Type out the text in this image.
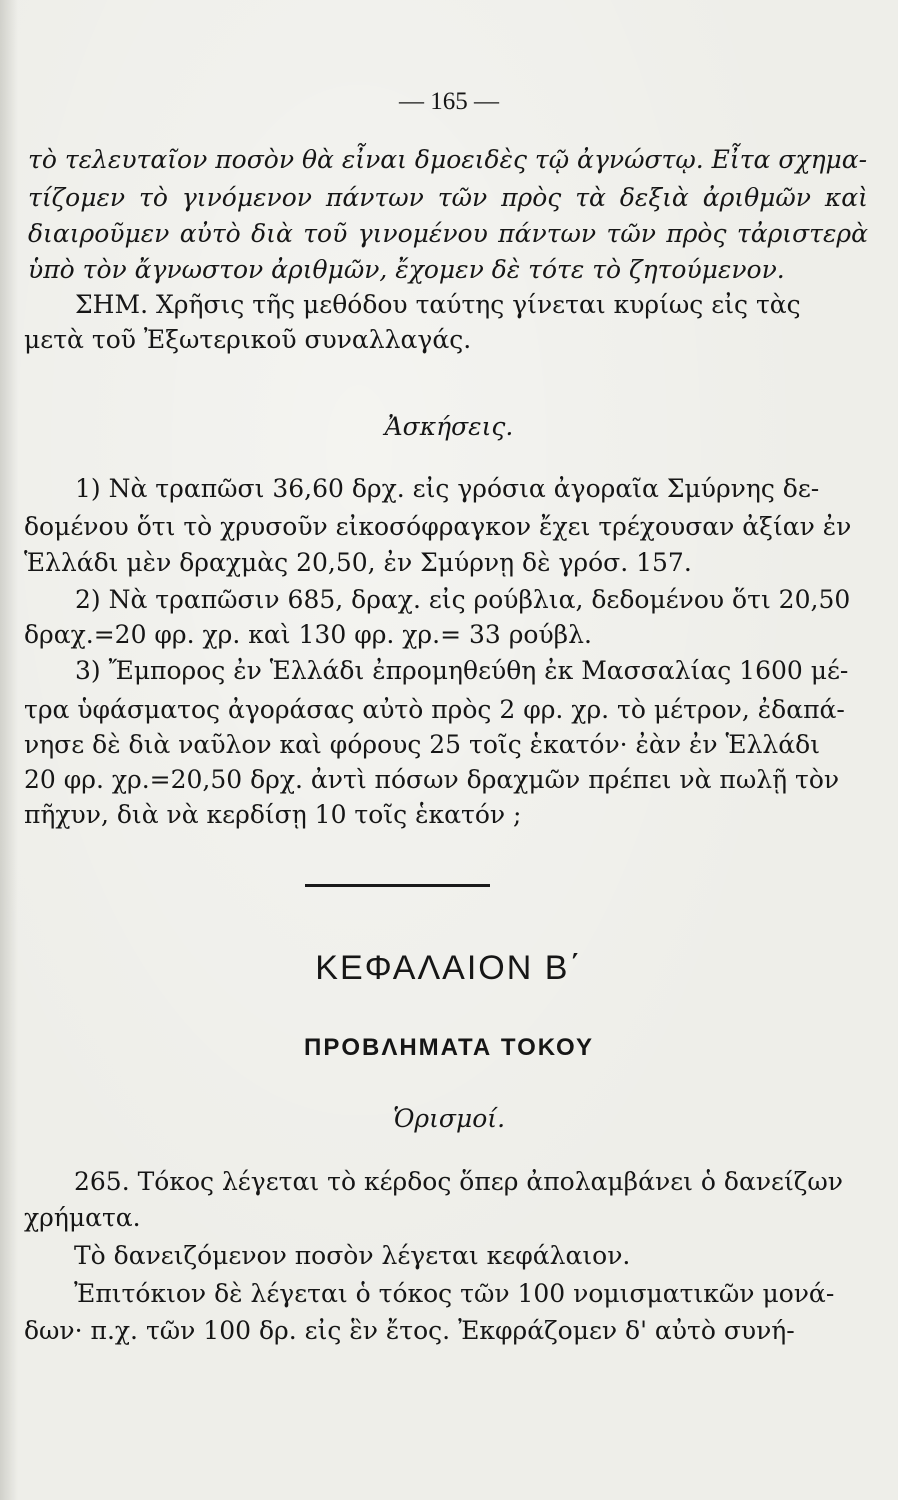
— 165 —
τὸ τελευταῖον ποσὸν θὰ εἶναι δμοειδὲς τῷ ἀγνώστῳ. Εἶτα σχημα-
τίζομεν τὸ γινόμενον πάντων τῶν πρὸς τὰ δεξιὰ ἀριθμῶν καὶ
διαιροῦμεν αὐτὸ διὰ τοῦ γινομένου πάντων τῶν πρὸς τἀριστερὰ
ὑπὸ τὸν ἄγνωστον ἀριθμῶν, ἔχομεν δὲ τότε τὸ ζητούμενον.
ΣΗΜ. Χρῆσις τῆς μεθόδου ταύτης γίνεται κυρίως εἰς τὰς
μετὰ τοῦ Ἐξωτερικοῦ συναλλαγάς.
Ἀσκήσεις.
1) Νὰ τραπῶσι 36,60 δρχ. εἰς γρόσια ἀγοραῖα Σμύρνης δε-
δομένου ὅτι τὸ χρυσοῦν εἰκοσόφραγκον ἔχει τρέχουσαν ἀξίαν ἐν
Ἑλλάδι μὲν δραχμὰς 20,50, ἐν Σμύρνῃ δὲ γρόσ. 157.
2) Νὰ τραπῶσιν 685, δραχ. εἰς ρούβλια, δεδομένου ὅτι 20,50
δραχ.=20 φρ. χρ. καὶ 130 φρ. χρ.= 33 ρούβλ.
3) Ἔμπορος ἐν Ἑλλάδι ἐπρομηθεύθη ἐκ Μασσαλίας 1600 μέ-
τρα ὑφάσματος ἀγοράσας αὐτὸ πρὸς 2 φρ. χρ. τὸ μέτρον, ἐδαπά-
νησε δὲ διὰ ναῦλον καὶ φόρους 25 τοῖς ἑκατόν· ἐὰν ἐν Ἑλλάδι
20 φρ. χρ.=20,50 δρχ. ἀντὶ πόσων δραχμῶν πρέπει νὰ πωλῇ τὸν
πῆχυν, διὰ νὰ κερδίσῃ 10 τοῖς ἑκατόν ;
ΚΕΦΑΛΑΙΟΝ Β΄
ΠΡΟΒΛΗΜΑΤΑ ΤΟΚΟΥ
Ὁρισμοί.
265. Τόκος λέγεται τὸ κέρδος ὅπερ ἀπολαμβάνει ὁ δανείζων
χρήματα.
Τὸ δανειζόμενον ποσὸν λέγεται κεφάλαιον.
Ἐπιτόκιον δὲ λέγεται ὁ τόκος τῶν 100 νομισματικῶν μονά-
δων· π.χ. τῶν 100 δρ. εἰς ἓν ἔτος. Ἐκφράζομεν δ' αὐτὸ συνή-
